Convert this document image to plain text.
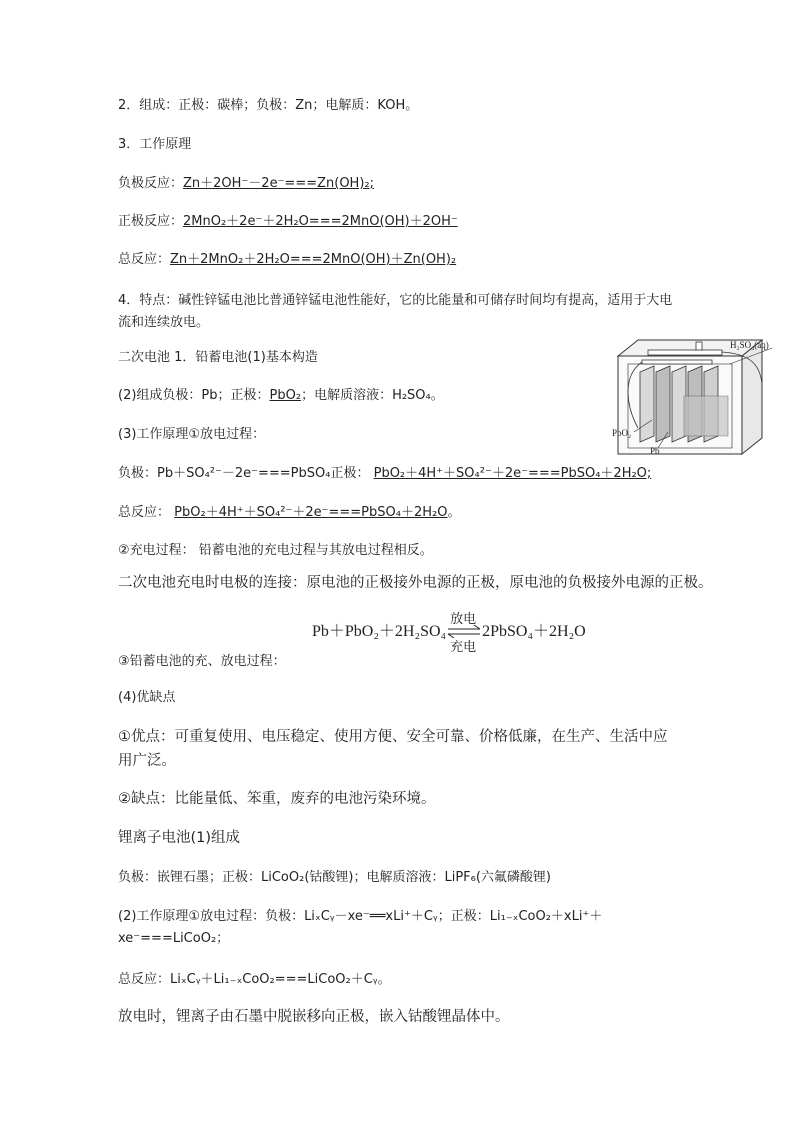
2．组成：正极：碳棒；负极：Zn；电解质：KOH。
3．工作原理
负极反应：Zn＋2OH⁻－2e⁻===Zn(OH)₂;
正极反应：2MnO₂＋2e⁻＋2H₂O===2MnO(OH)＋2OH⁻
总反应：Zn＋2MnO₂＋2H₂O===2MnO(OH)＋Zn(OH)₂
4．特点：碱性锌锰电池比普通锌锰电池性能好，它的比能量和可储存时间均有提高，适用于大电流和连续放电。
二次电池 1．铅蓄电池(1)基本构造
(2)组成负极：Pb；正极：PbO₂；电解质溶液：H₂SO₄。
(3)工作原理①放电过程：
负极：Pb＋SO₄²⁻－2e⁻===PbSO₄正极： PbO₂＋4H⁺＋SO₄²⁻＋2e⁻===PbSO₄＋2H₂O;
总反应： PbO₂＋4H⁺＋SO₄²⁻＋2e⁻===PbSO₄＋2H₂O。
②充电过程： 铅蓄电池的充电过程与其放电过程相反。
二次电池充电时电极的连接：原电池的正极接外电源的正极，原电池的负极接外电源的正极。
③铅蓄电池的充、放电过程：
Pb＋PbO₂＋2H₂SO₄
放电
充电
2PbSO₄＋2H₂O
(4)优缺点
①优点：可重复使用、电压稳定、使用方便、安全可靠、价格低廉，在生产、生活中应用广泛。
②缺点：比能量低、笨重，废弃的电池污染环境。
锂离子电池(1)组成
负极：嵌锂石墨；正极：LiCoO₂(钴酸锂)；电解质溶液：LiPF₆(六氟磷酸锂)
(2)工作原理①放电过程：负极：LiₓCᵧ－xe⁻══xLi⁺＋Cᵧ；正极：Li₁₋ₓCoO₂＋xLi⁺＋xe⁻===LiCoO₂；
总反应：LiₓCᵧ＋Li₁₋ₓCoO₂===LiCoO₂＋Cᵧ。
放电时，锂离子由石墨中脱嵌移向正极，嵌入钴酸锂晶体中。
H₂SO₄(aq)
PbO₂
Pb
